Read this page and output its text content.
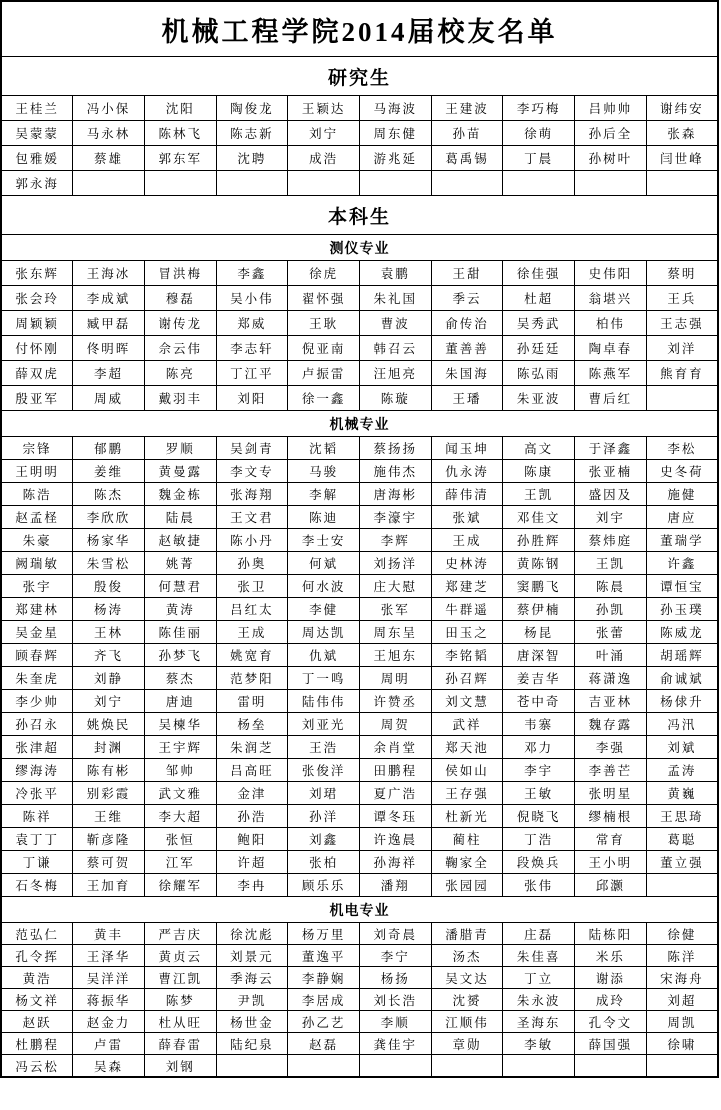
机械工程学院2014届校友名单									
研究生									
王桂兰	冯小保	沈阳	陶俊龙	王颖达	马海波	王建波	李巧梅	吕帅帅	谢纬安
吴蒙蒙	马永林	陈林飞	陈志新	刘宁	周东健	孙苗	徐萌	孙后全	张森
包雅媛	蔡雄	郭东军	沈聘	成浩	游兆延	葛禹锡	丁晨	孙树叶	闫世峰
郭永海									
本科生									
测仪专业									
张东辉	王海冰	冒洪梅	李鑫	徐虎	袁鹏	王甜	徐佳强	史伟阳	蔡明
张会玲	李成斌	穆磊	吴小伟	翟怀强	朱礼国	季云	杜超	翁堪兴	王兵
周颖颖	臧甲磊	谢传龙	郑威	王耿	曹波	俞传治	吴秀武	柏伟	王志强
付怀刚	佟明晖	佘云伟	李志轩	倪亚南	韩召云	董善善	孙廷廷	陶卓春	刘洋
薛双虎	李超	陈亮	丁江平	卢振雷	汪旭亮	朱国海	陈弘雨	陈燕军	熊育育
殷亚军	周威	戴羽丰	刘阳	徐一鑫	陈璇	王璠	朱亚波	曹后红	
机械专业									
宗锋	郁鹏	罗顺	吴剑青	沈韬	蔡扬扬	闻玉坤	高文	于泽鑫	李松
王明明	姜维	黄曼露	李文专	马骏	施伟杰	仇永涛	陈康	张亚楠	史冬荷
陈浩	陈杰	魏金栋	张海翔	李解	唐海彬	薛伟清	王凯	盛因及	施健
赵孟柽	李欣欣	陆晨	王文君	陈迪	李濠宇	张斌	邓佳文	刘宇	唐应
朱豪	杨家华	赵敏捷	陈小丹	李士安	李辉	王成	孙胜辉	蔡炜庭	董瑞学
阙瑞敏	朱雪松	姚菁	孙奥	何斌	刘扬洋	史林涛	黄陈钢	王凯	许鑫
张宇	殷俊	何慧君	张卫	何水波	庄大慰	郑建芝	窦鹏飞	陈晨	谭恒宝
郑建林	杨涛	黄涛	吕红太	李健	张军	牛群遥	蔡伊楠	孙凯	孙玉璞
吴金星	王林	陈佳丽	王成	周达凯	周东呈	田玉之	杨昆	张蕾	陈威龙
顾春辉	齐飞	孙梦飞	姚宽育	仇斌	王旭东	李铭韬	唐深智	叶涌	胡瑶辉
朱奎虎	刘静	蔡杰	范梦阳	丁一鸣	周明	孙召辉	姜吉华	蒋潇逸	俞诚斌
李少帅	刘宁	唐迪	雷明	陆伟伟	许赞丞	刘文慧	苍中奇	吉亚林	杨俅升
孙召永	姚焕民	吴楝华	杨垒	刘亚光	周贺	武祥	韦寨	魏存露	冯汛
张津超	封渊	王宇辉	朱润芝	王浩	余肖堂	郑天池	邓力	李强	刘斌
缪海涛	陈有彬	邹帅	吕高旺	张俊洋	田鹏程	侯如山	李宇	李善芒	孟涛
冷张平	别彩霞	武文雅	金津	刘珺	夏广浩	王存强	王敏	张明星	黄巍
陈祥	王维	李大超	孙浩	孙洋	谭冬珏	杜新光	倪晓飞	缪楠根	王思琦
袁丁丁	靳彦隆	张恒	鲍阳	刘鑫	许逸晨	蔺柱	丁浩	常育	葛聪
丁谦	蔡可贺	江军	许超	张柏	孙海祥	鞠家全	段焕兵	王小明	董立强
石冬梅	王加育	徐耀军	李冉	顾乐乐	潘翔	张园园	张伟	邱灏	
机电专业									
范弘仁	黄丰	严吉庆	徐沈彪	杨万里	刘奇晨	潘腊青	庄磊	陆栋阳	徐健
孔令挥	王泽华	黄贞云	刘景元	董逸平	李宁	汤杰	朱佳喜	米乐	陈洋
黄浩	吴洋洋	曹江凯	季海云	李静娴	杨扬	吴文达	丁立	谢添	宋海舟
杨文祥	蒋振华	陈梦	尹凯	李居成	刘长浩	沈赟	朱永波	成玲	刘超
赵跃	赵金力	杜从旺	杨世金	孙乙艺	李顺	江顺伟	圣海东	孔令文	周凯
杜鹏程	卢雷	薛春雷	陆纪泉	赵磊	龚佳宇	章勋	李敏	薛国强	徐啸
冯云松	吴森	刘钢							
